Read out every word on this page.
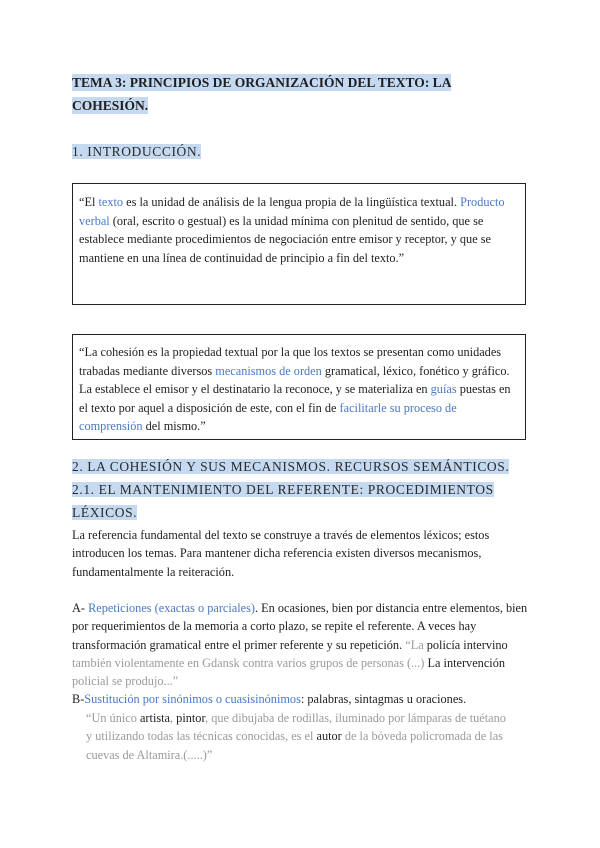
TEMA 3: PRINCIPIOS DE ORGANIZACIÓN DEL TEXTO: LA
COHESIÓN.
1. INTRODUCCIÓN.
“El texto es la unidad de análisis de la lengua propia de la lingüística textual. Producto verbal (oral, escrito o gestual) es la unidad mínima con plenitud de sentido, que se establece mediante procedimientos de negociación entre emisor y receptor, y que se mantiene en una línea de continuidad de principio a fin del texto.”
“La cohesión es la propiedad textual por la que los textos se presentan como unidades trabadas mediante diversos mecanismos de orden gramatical, léxico, fonético y gráfico. La establece el emisor y el destinatario la reconoce, y se materializa en guías puestas en el texto por aquel a disposición de este, con el fin de facilitarle su proceso de comprensión del mismo.”
2. LA COHESIÓN Y SUS MECANISMOS. RECURSOS SEMÁNTICOS.
2.1. EL MANTENIMIENTO DEL REFERENTE: PROCEDIMIENTOS
LÉXICOS.
La referencia fundamental del texto se construye a través de elementos léxicos; estos introducen los temas. Para mantener dicha referencia existen diversos mecanismos, fundamentalmente la reiteración.
A- Repeticiones (exactas o parciales). En ocasiones, bien por distancia entre elementos, bien por requerimientos de la memoria a corto plazo, se repite el referente. A veces hay transformación gramatical entre el primer referente y su repetición. “La policía intervino también violentamente en Gdansk contra varios grupos de personas (...) La intervención policial se produjo...”
B-Sustitución por sinónimos o cuasisinónimos: palabras, sintagmas u oraciones.
“Un único artista, pintor, que dibujaba de rodillas, iluminado por lámparas de tuétano y utilizando todas las técnicas conocidas, es el autor de la bóveda policromada de las cuevas de Altamira.(.....)”
